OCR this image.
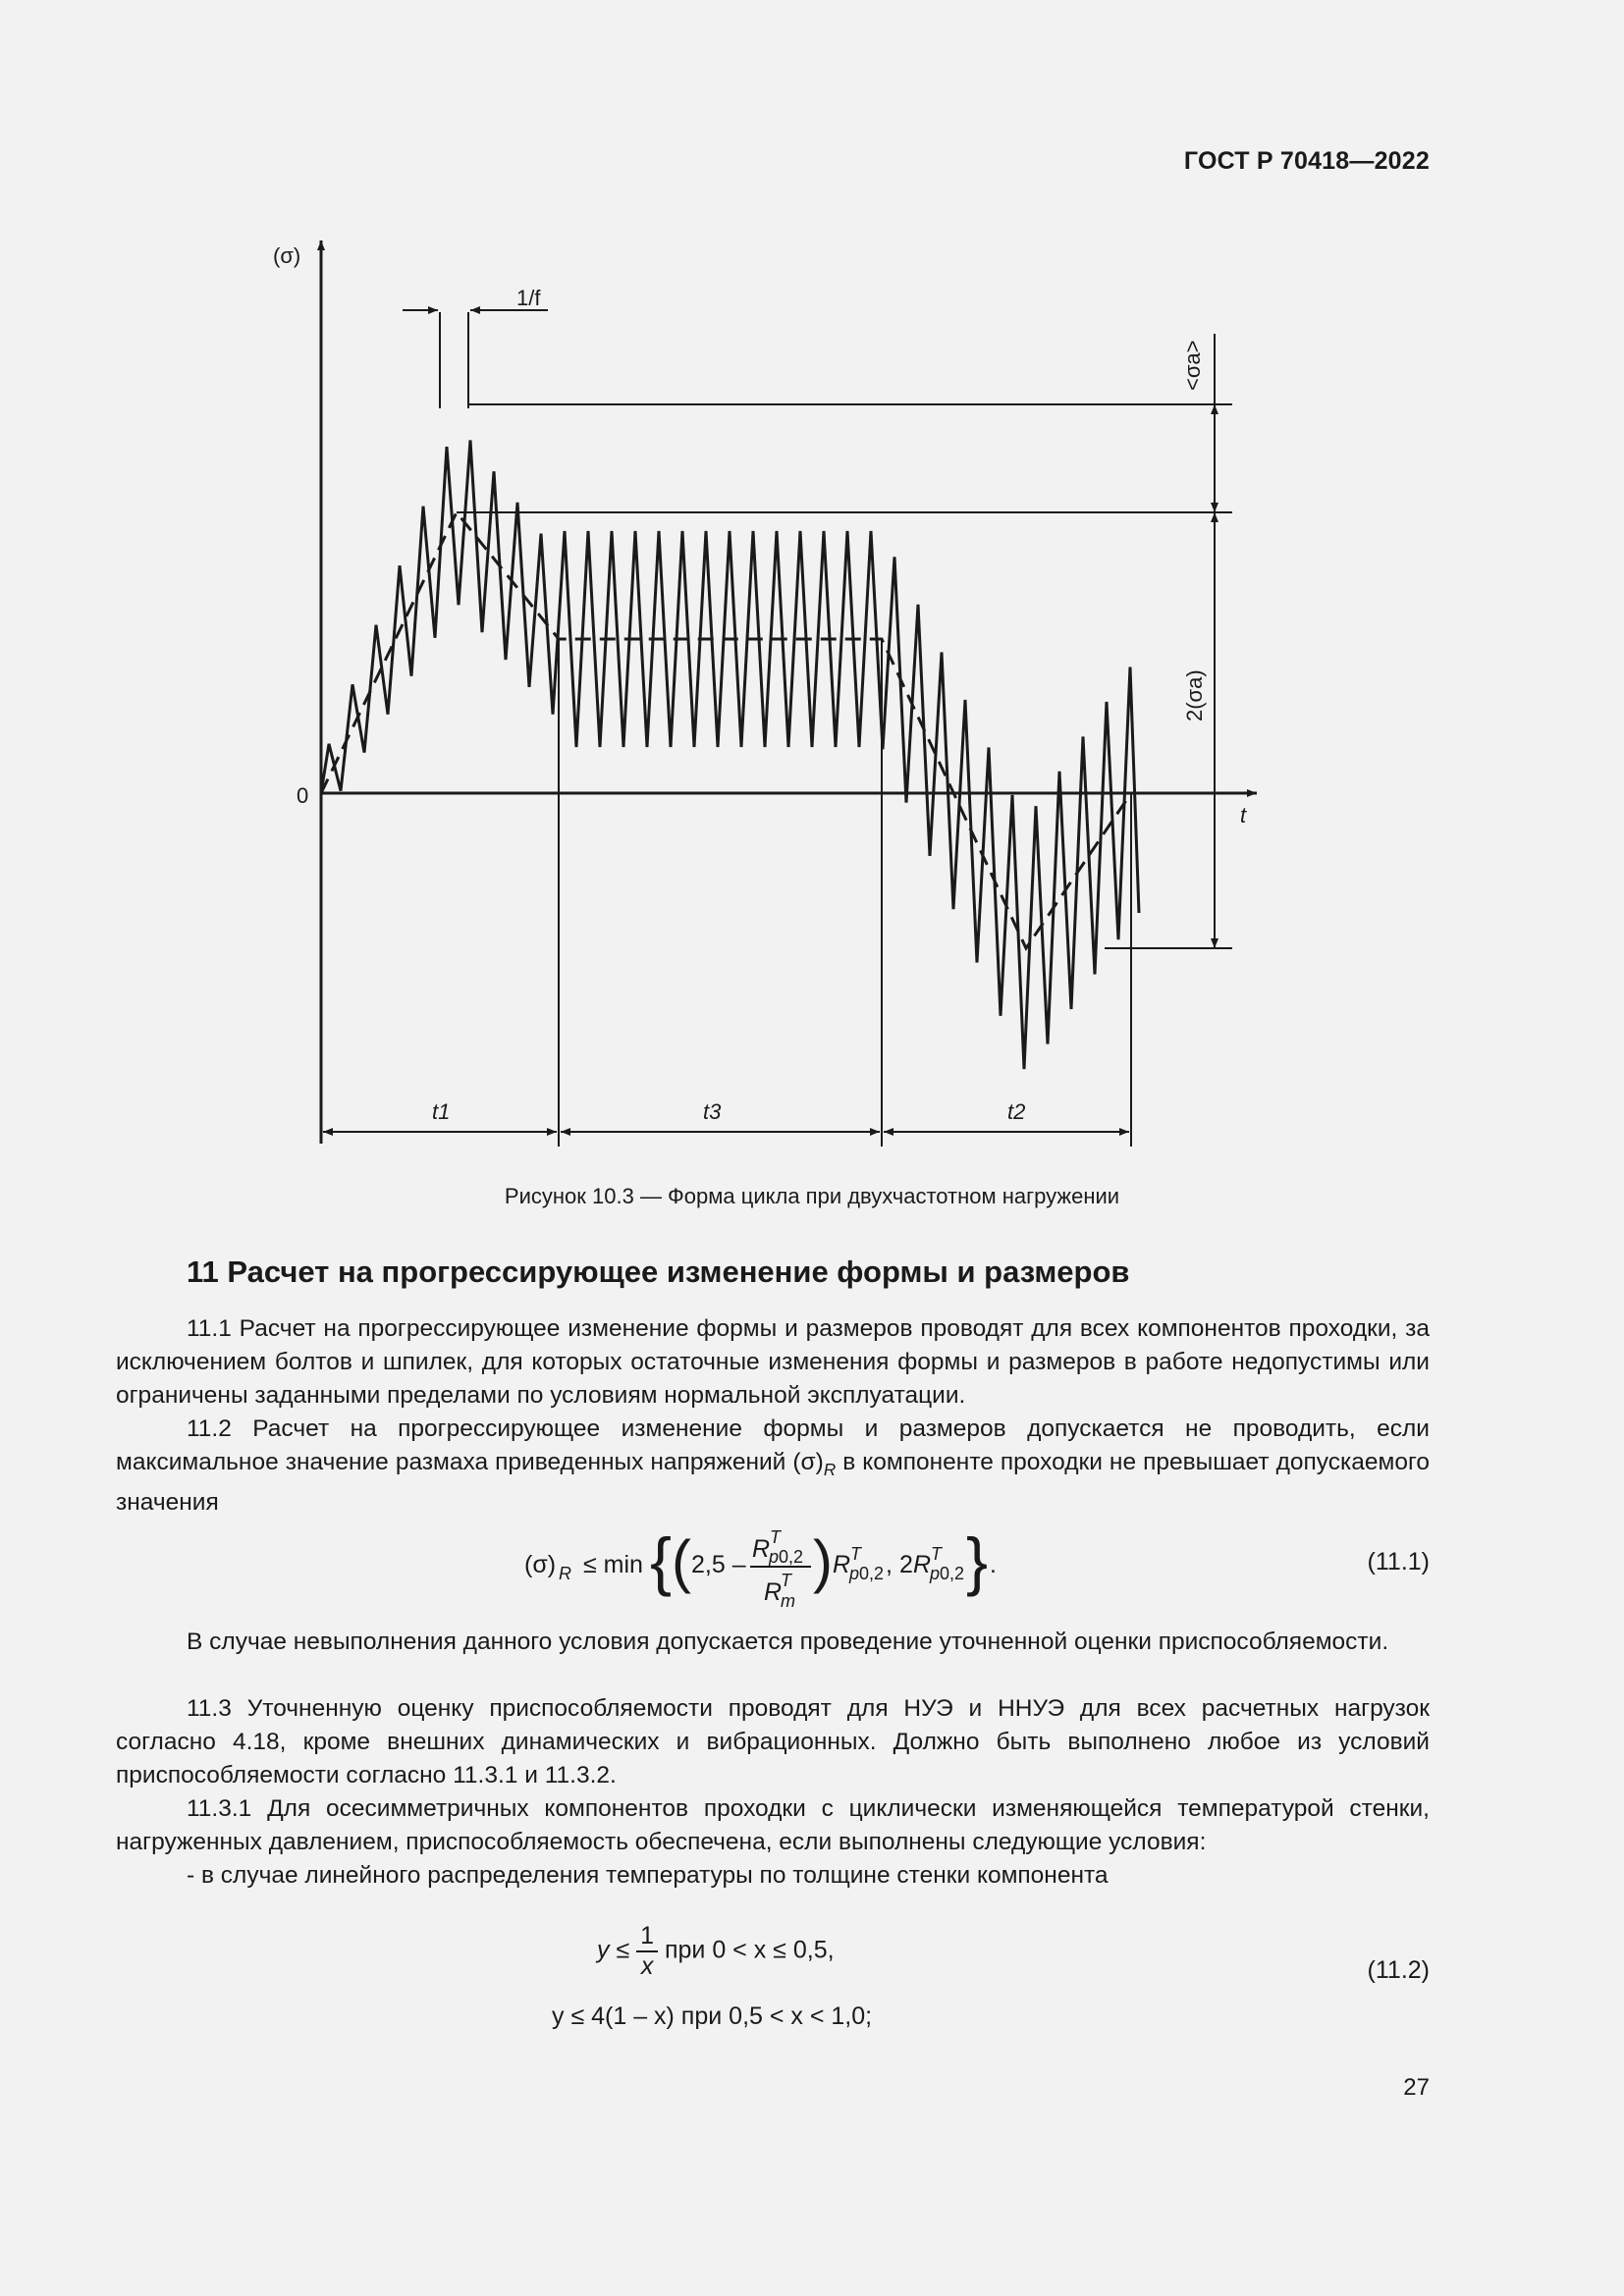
ГОСТ Р 70418—2022
(σ)
0
t
1/f
<σa>
2(σa)
t1	t3	t2
Рисунок 10.3 — Форма цикла при двухчастотном нагружении
11 Расчет на прогрессирующее изменение формы и размеров
11.1 Расчет на прогрессирующее изменение формы и размеров проводят для всех компонентов проходки, за исключением болтов и шпилек, для которых остаточные изменения формы и размеров в работе недопустимы или ограничены заданными пределами по условиям нормальной эксплуатации.
11.2 Расчет на прогрессирующее изменение формы и размеров допускается не проводить, если максимальное значение размаха приведенных напряжений $(\sigma)_R$ в компоненте проходки не превышает допускаемого значения
(σ) R ≤ min { ( 2,5 –
R
p 0,2
T
R
m
T ) R
p 0,2
T , 2 R
p 0,2
T } .	(11.1)
В случае невыполнения данного условия допускается проведение уточненной оценки приспособляемости.
11.3 Уточненную оценку приспособляемости проводят для НУЭ и ННУЭ для всех расчетных нагрузок согласно 4.18, кроме внешних динамических и вибрационных. Должно быть выполнено любое из условий приспособляемости согласно 11.3.1 и 11.3.2.
11.3.1 Для осесимметричных компонентов проходки с циклически изменяющейся температурой стенки, нагруженных давлением, приспособляемость обеспечена, если выполнены следующие условия:
- в случае линейного распределения температуры по толщине стенки компонента
$y \le \frac{1}{x}$ при 0 < x ≤ 0,5,
(11.2)
y ≤ 4(1 – x) при 0,5 < x < 1,0;
27
